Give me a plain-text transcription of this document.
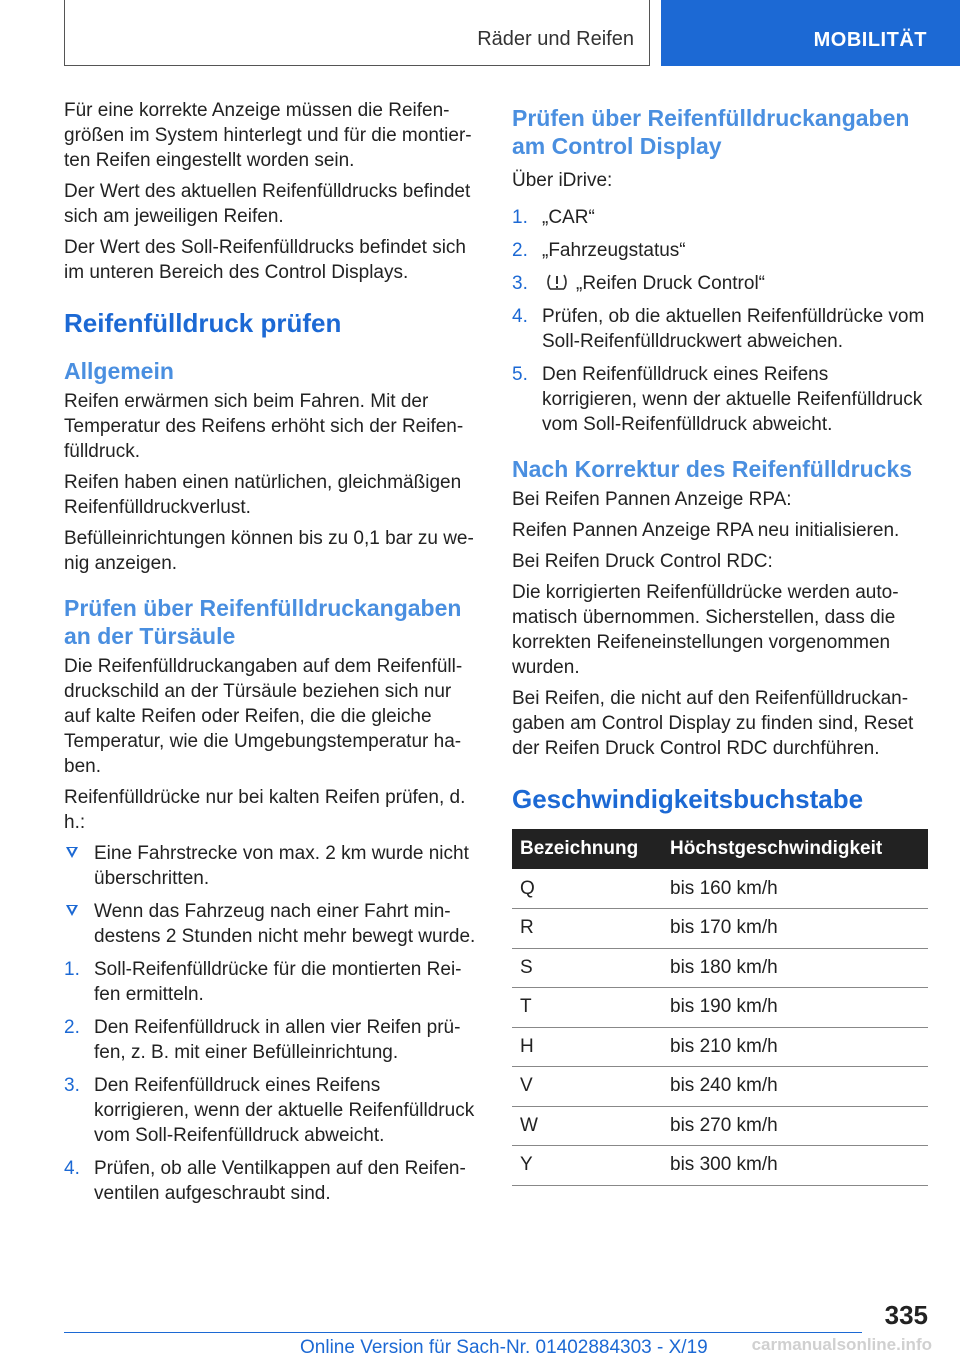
Räder und Reifen	MOBILITÄT

Für eine korrekte Anzeige müssen die Reifengrößen im System hinterlegt und für die montierten Reifen eingestellt worden sein.

Der Wert des aktuellen Reifenfülldrucks befindet sich am jeweiligen Reifen.

Der Wert des Soll-Reifenfülldrucks befindet sich im unteren Bereich des Control Displays.

Reifenfülldruck prüfen
Allgemein

Reifen erwärmen sich beim Fahren. Mit der Temperatur des Reifens erhöht sich der Reifenfülldruck.

Reifen haben einen natürlichen, gleichmäßigen Reifenfülldruckverlust.

Befülleinrichtungen können bis zu 0,1 bar zu wenig anzeigen.

Prüfen über Reifenfülldruckangaben an der Türsäule

Die Reifenfülldruckangaben auf dem Reifenfülldruckschild an der Türsäule beziehen sich nur auf kalte Reifen oder Reifen, die die gleiche Temperatur, wie die Umgebungstemperatur haben.

Reifenfülldrücke nur bei kalten Reifen prüfen, d. h.:

Eine Fahrstrecke von max. 2 km wurde nicht überschritten.
Wenn das Fahrzeug nach einer Fahrt mindestens 2 Stunden nicht mehr bewegt wurde.
1. Soll-Reifenfülldrücke für die montierten Reifen ermitteln.
2. Den Reifenfülldruck in allen vier Reifen prüfen, z. B. mit einer Befülleinrichtung.
3. Den Reifenfülldruck eines Reifens korrigieren, wenn der aktuelle Reifenfülldruck vom Soll-Reifenfülldruck abweicht.
4. Prüfen, ob alle Ventilkappen auf den Reifenventilen aufgeschraubt sind.
Prüfen über Reifenfülldruckangaben am Control Display

Über iDrive:

1. „CAR“
2. „Fahrzeugstatus“
3.	„Reifen Druck Control“
4. Prüfen, ob die aktuellen Reifenfülldrücke vom Soll-Reifenfülldruckwert abweichen.
5. Den Reifenfülldruck eines Reifens korrigieren, wenn der aktuelle Reifenfülldruck vom Soll-Reifenfülldruck abweicht.
Nach Korrektur des Reifenfülldrucks

Bei Reifen Pannen Anzeige RPA:

Reifen Pannen Anzeige RPA neu initialisieren.

Bei Reifen Druck Control RDC:

Die korrigierten Reifenfülldrücke werden automatisch übernommen. Sicherstellen, dass die korrekten Reifeneinstellungen vorgenommen wurden.

Bei Reifen, die nicht auf den Reifenfülldruckangaben am Control Display zu finden sind, Reset der Reifen Druck Control RDC durchführen.

Geschwindigkeitsbuchstabe
Bezeichnung	Höchstgeschwindigkeit
Q	bis 160 km/h
R	bis 170 km/h
S	bis 180 km/h
T	bis 190 km/h
H	bis 210 km/h
V	bis 240 km/h
W	bis 270 km/h
Y	bis 300 km/h
335
Online Version für Sach-Nr. 01402884303 - X/19	carmanualsonline.info
